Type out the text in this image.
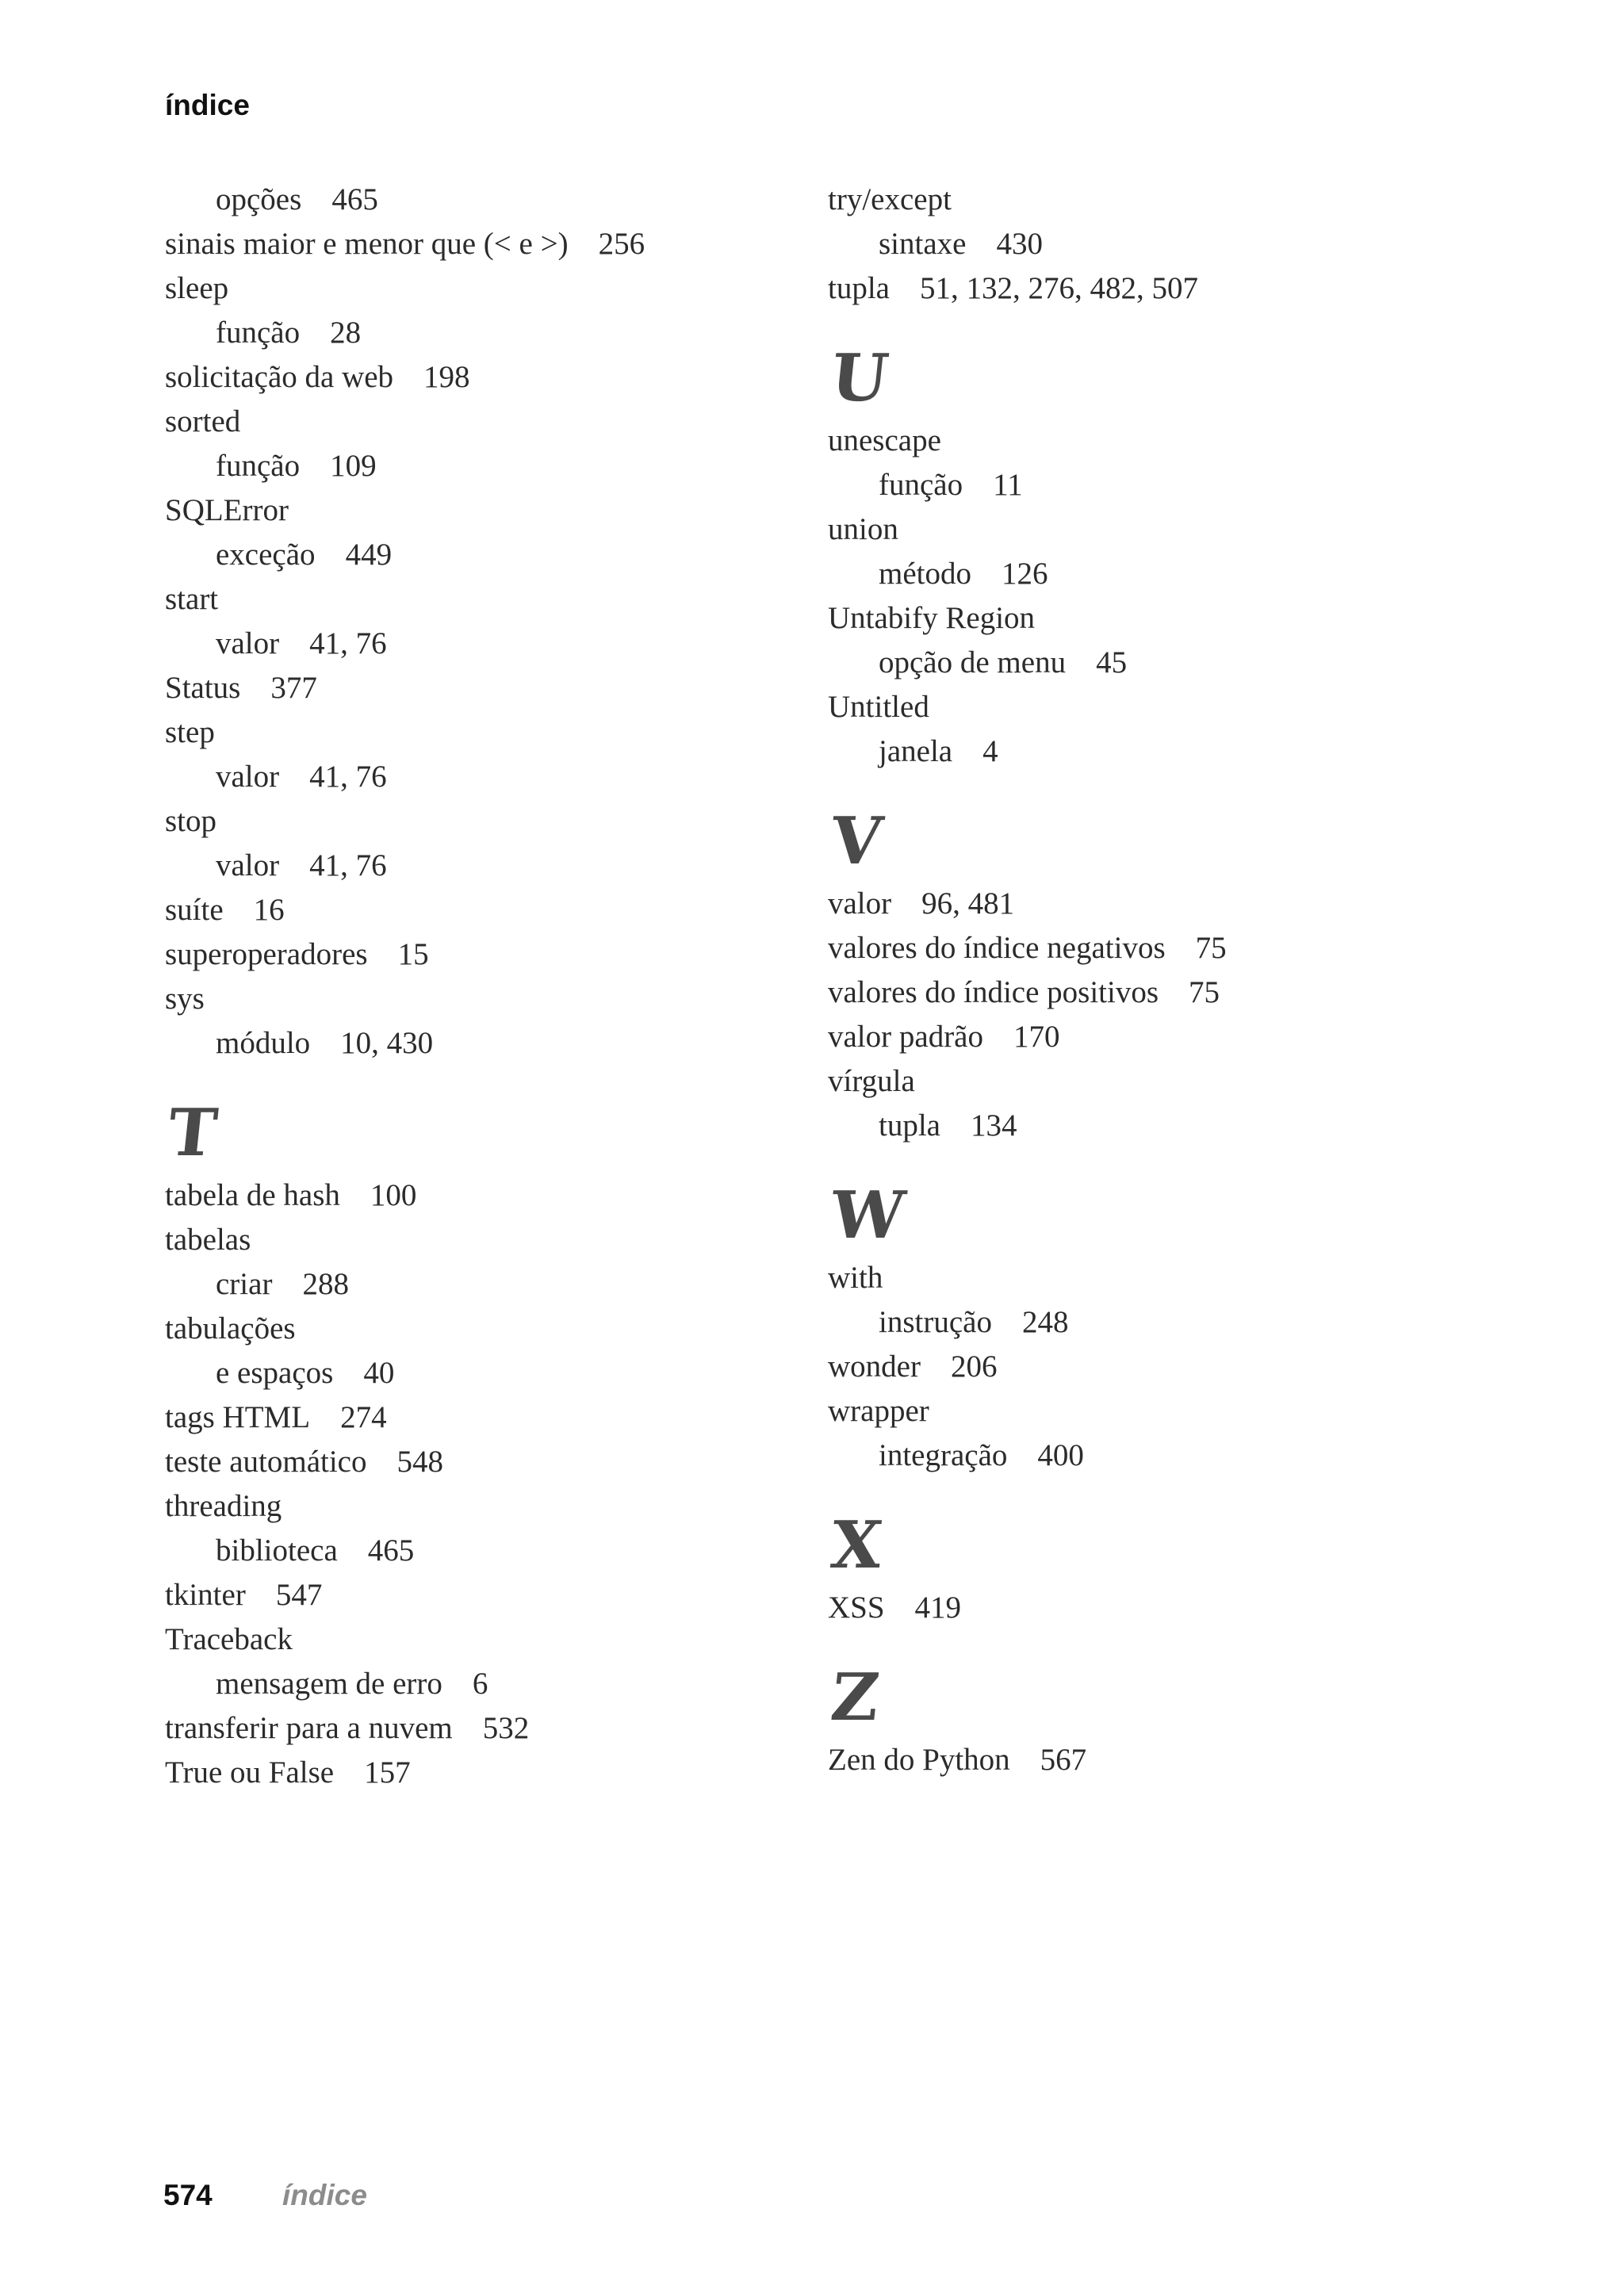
índice
opções 465
sinais maior e menor que (< e >) 256
sleep
função 28
solicitação da web 198
sorted
função 109
SQLError
exceção 449
start
valor 41, 76
Status 377
step
valor 41, 76
stop
valor 41, 76
suíte 16
superoperadores 15
sys
módulo 10, 430
T
tabela de hash 100
tabelas
criar 288
tabulações
e espaços 40
tags HTML 274
teste automático 548
threading
biblioteca 465
tkinter 547
Traceback
mensagem de erro 6
transferir para a nuvem 532
True ou False 157
try/except
sintaxe 430
tupla 51, 132, 276, 482, 507
U
unescape
função 11
union
método 126
Untabify Region
opção de menu 45
Untitled
janela 4
V
valor 96, 481
valores do índice negativos 75
valores do índice positivos 75
valor padrão 170
vírgula
tupla 134
W
with
instrução 248
wonder 206
wrapper
integração 400
X
XSS 419
Z
Zen do Python 567
574 índice
